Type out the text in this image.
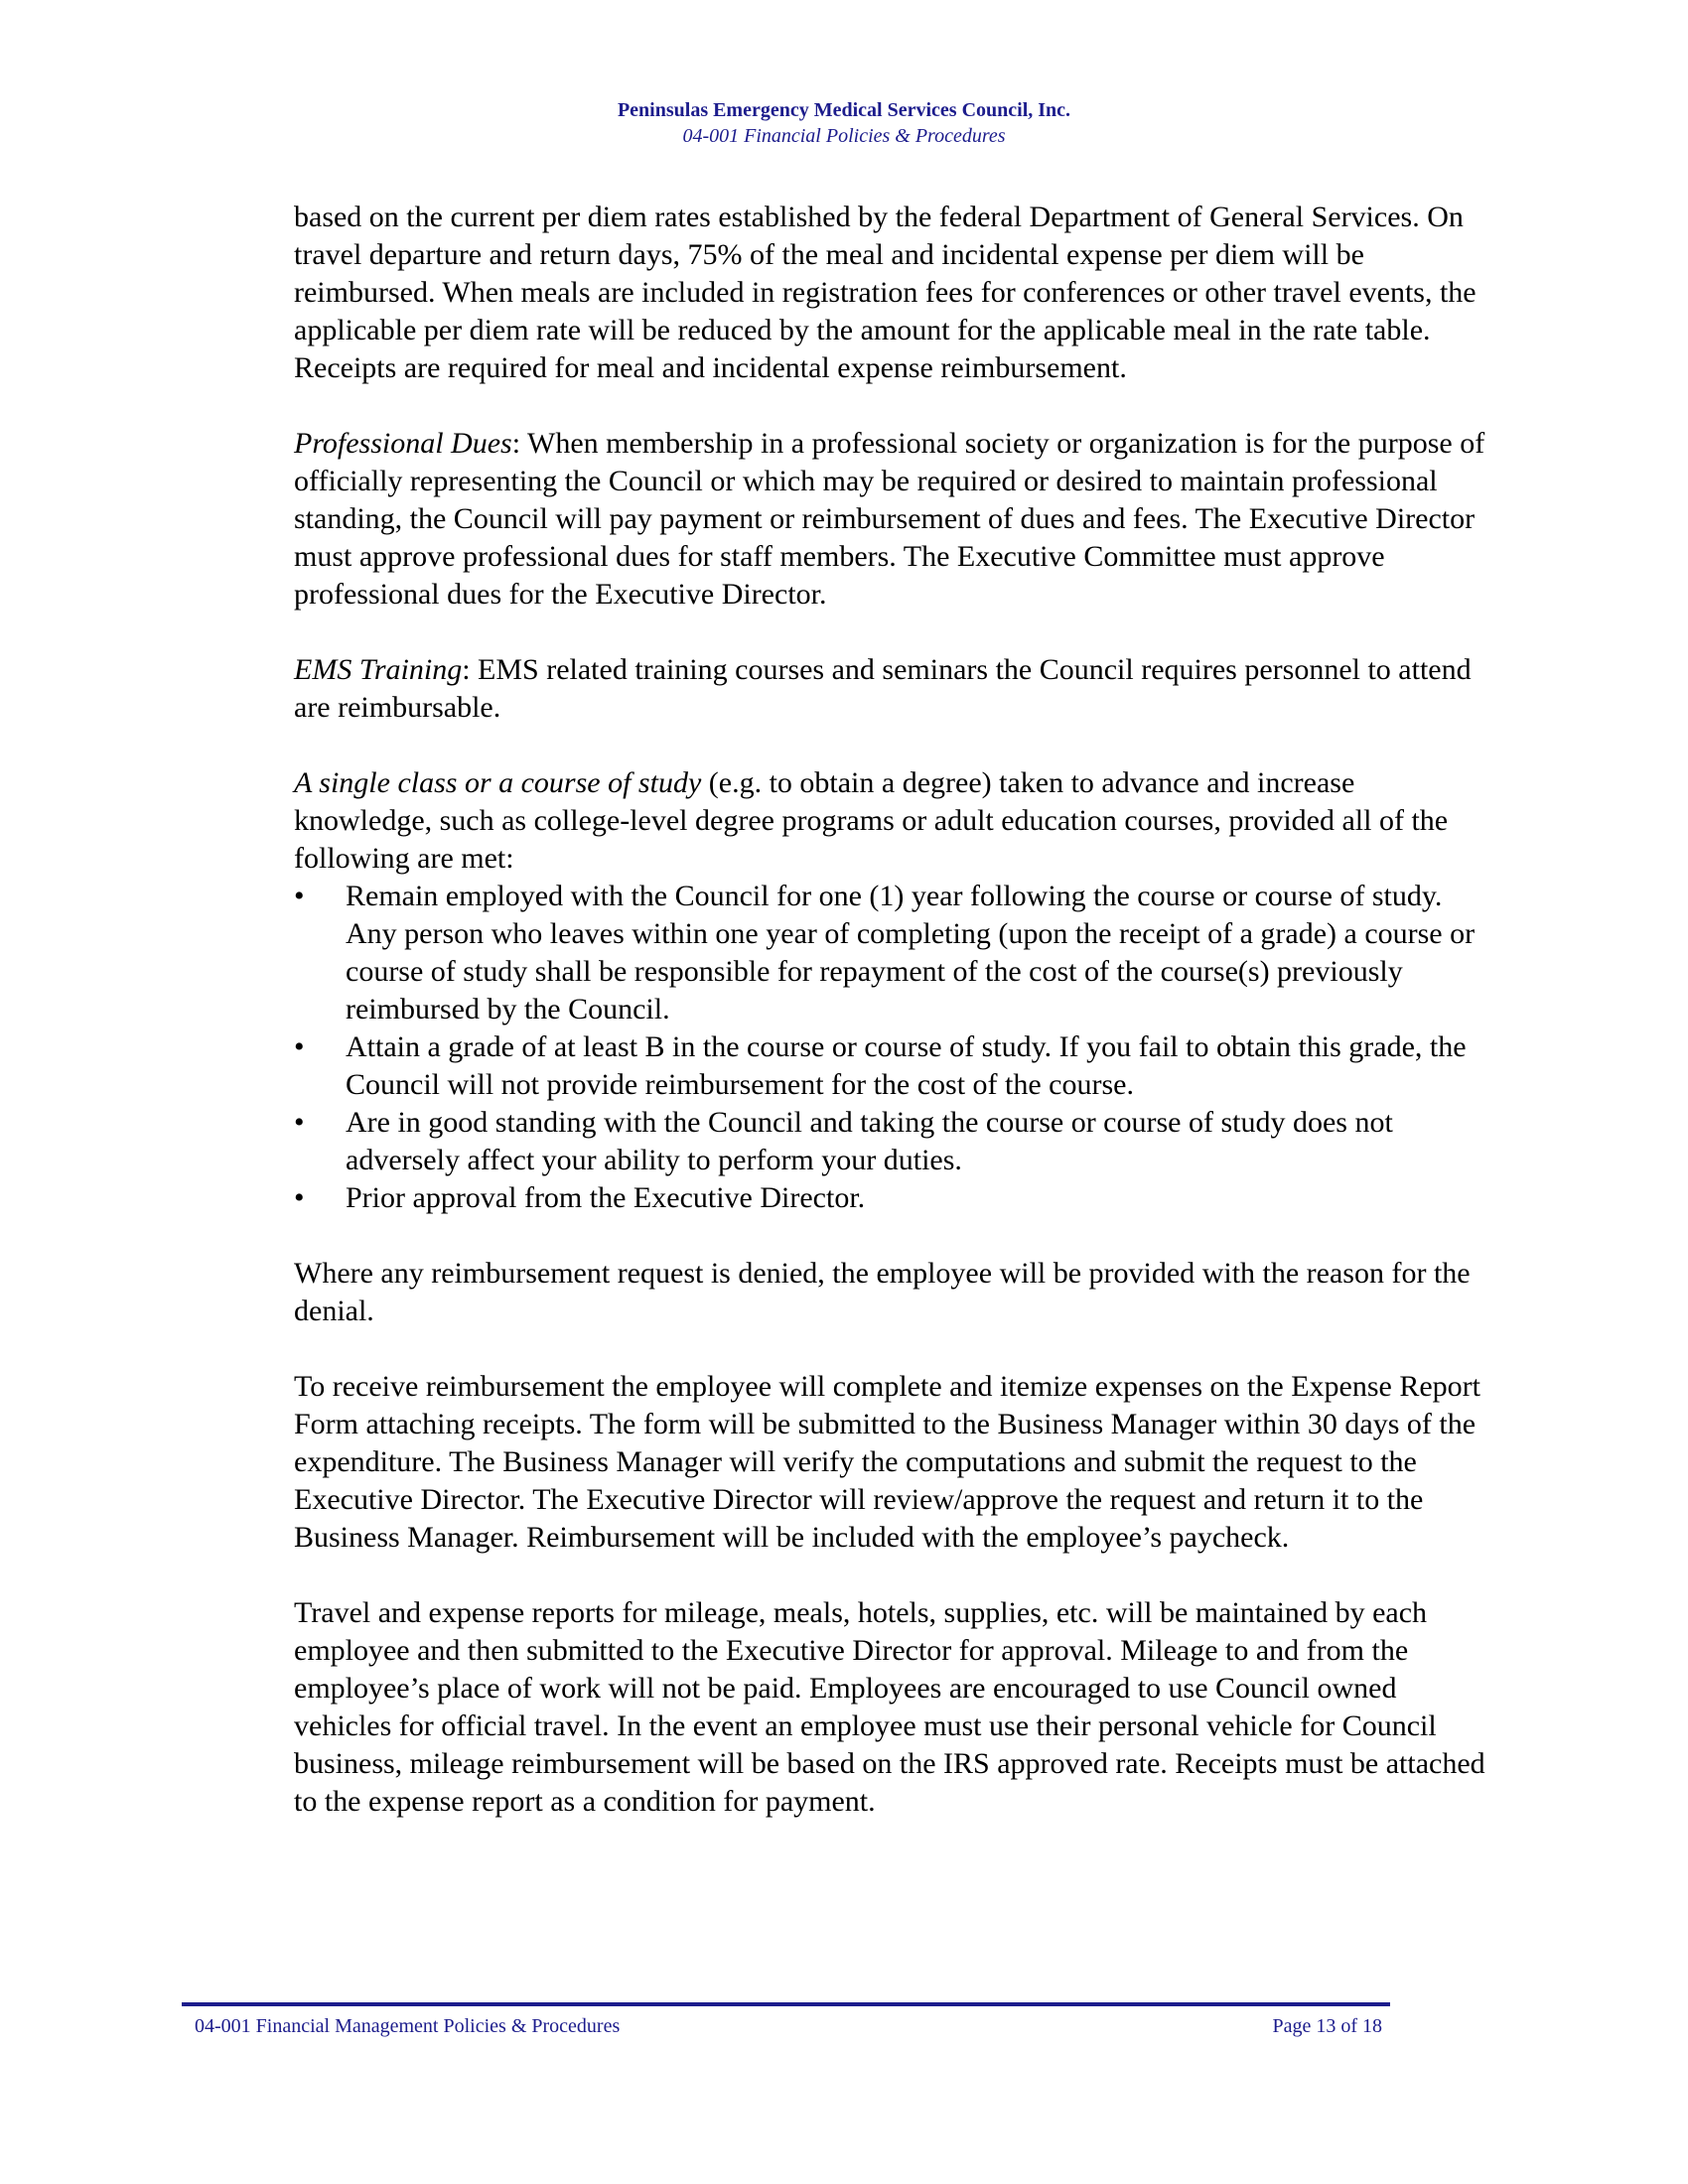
Peninsulas Emergency Medical Services Council, Inc.
04-001 Financial Policies & Procedures

based on the current per diem rates established by the federal Department of General Services. On travel departure and return days, 75% of the meal and incidental expense per diem will be reimbursed. When meals are included in registration fees for conferences or other travel events, the applicable per diem rate will be reduced by the amount for the applicable meal in the rate table. Receipts are required for meal and incidental expense reimbursement.

Professional Dues: When membership in a professional society or organization is for the purpose of officially representing the Council or which may be required or desired to maintain professional standing, the Council will pay payment or reimbursement of dues and fees. The Executive Director must approve professional dues for staff members. The Executive Committee must approve professional dues for the Executive Director.

EMS Training: EMS related training courses and seminars the Council requires personnel to attend are reimbursable.

A single class or a course of study (e.g. to obtain a degree) taken to advance and increase knowledge, such as college-level degree programs or adult education courses, provided all of the following are met:

• Remain employed with the Council for one (1) year following the course or course of study. Any person who leaves within one year of completing (upon the receipt of a grade) a course or course of study shall be responsible for repayment of the cost of the course(s) previously reimbursed by the Council.
• Attain a grade of at least B in the course or course of study. If you fail to obtain this grade, the Council will not provide reimbursement for the cost of the course.
• Are in good standing with the Council and taking the course or course of study does not adversely affect your ability to perform your duties.
• Prior approval from the Executive Director.

Where any reimbursement request is denied, the employee will be provided with the reason for the denial.

To receive reimbursement the employee will complete and itemize expenses on the Expense Report Form attaching receipts. The form will be submitted to the Business Manager within 30 days of the expenditure. The Business Manager will verify the computations and submit the request to the Executive Director. The Executive Director will review/approve the request and return it to the Business Manager. Reimbursement will be included with the employee’s paycheck.

Travel and expense reports for mileage, meals, hotels, supplies, etc. will be maintained by each employee and then submitted to the Executive Director for approval. Mileage to and from the employee’s place of work will not be paid. Employees are encouraged to use Council owned vehicles for official travel. In the event an employee must use their personal vehicle for Council business, mileage reimbursement will be based on the IRS approved rate. Receipts must be attached to the expense report as a condition for payment.

04-001 Financial Management Policies & Procedures	Page 13 of 18
